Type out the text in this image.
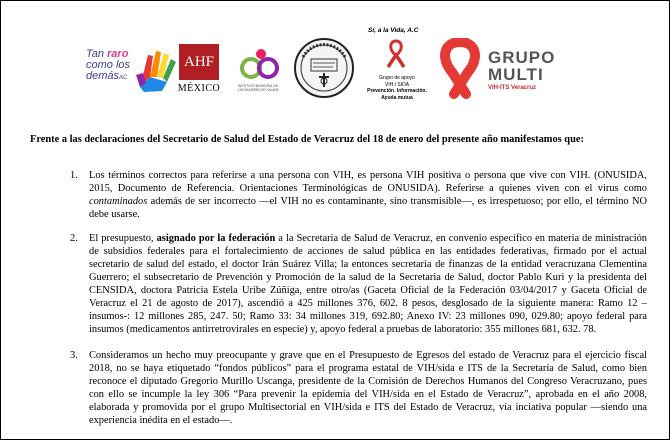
Tan raro
como los
demásAC
AHF
MÉXICO	INSTITUTO MUNICIPAL DE LAS MUJERES DE XALAPA
Sí, a la Vida, A.C
Grupo de apoyo
VIH / SIDA
Prevención. Información.
Ayuda mutua
GRUPO
MULTI
VIH-ITS Veracruz
Frente a las declaraciones del Secretario de Salud del Estado de Veracruz del 18 de enero del presente año manifestamos que:
1. Los términos correctos para referirse a una persona con VIH, es persona VIH positiva o persona que vive con VIH. (ONUSIDA, 2015, Documento de Referencia. Orientaciones Terminológicas de ONUSIDA). Referirse a quienes viven con el virus como contaminados además de ser incorrecto —el VIH no es contaminante, sino transmisible—, es irrespetuoso; por ello, el término NO debe usarse.
2. El presupuesto, asignado por la federación a la Secretaría de Salud de Veracruz, en convenio específico en materia de ministración de subsidios federales para el fortalecimiento de acciones de salud pública en las entidades federativas, firmado por el actual secretario de salud del estado, el doctor Irán Suárez Villa; la entonces secretaria de finanzas de la entidad veracruzana Clementina Guerrero; el subsecretario de Prevención y Promoción de la salud de la Secretaria de Salud, doctor Pablo Kuri y la presidenta del CENSIDA, doctora Patricia Estela Uribe Zúñiga, entre otro/as (Gaceta Oficial de la Federación 03/04/2017 y Gaceta Oficial de Veracruz el 21 de agosto de 2017), ascendió a 425 millones 376, 602. 8 pesos, desglosado de la siguiente manera: Ramo 12 –insumos-: 12 millones 285, 247. 50; Ramo 33: 34 millones 319, 692.80; Anexo IV: 23 millones 090, 029.80; apoyo federal para insumos (medicamentos antirretrovirales en especie) y, apoyo federal a pruebas de laboratorio: 355 millones 681, 632. 78.
3. Consideramos un hecho muy preocupante y grave que en el Presupuesto de Egresos del estado de Veracruz para el ejercicio fiscal 2018, no se haya etiquetado “fondos públicos” para el programa estatal de VIH/sida e ITS de la Secretaría de Salud, como bien reconoce el diputado Gregorio Murillo Uscanga, presidente de la Comisión de Derechos Humanos del Congreso Veracruzano, pues con ello se incumple la ley 306 “Para prevenir la epidemia del VIH/sida en el Estado de Veracruz”, aprobada en el año 2008, elaborada y promovida por el grupo Multisectorial en VIH/sida e ITS del Estado de Veracruz, vía inciativa popular —siendo una experiencia inédita en el estado—.
